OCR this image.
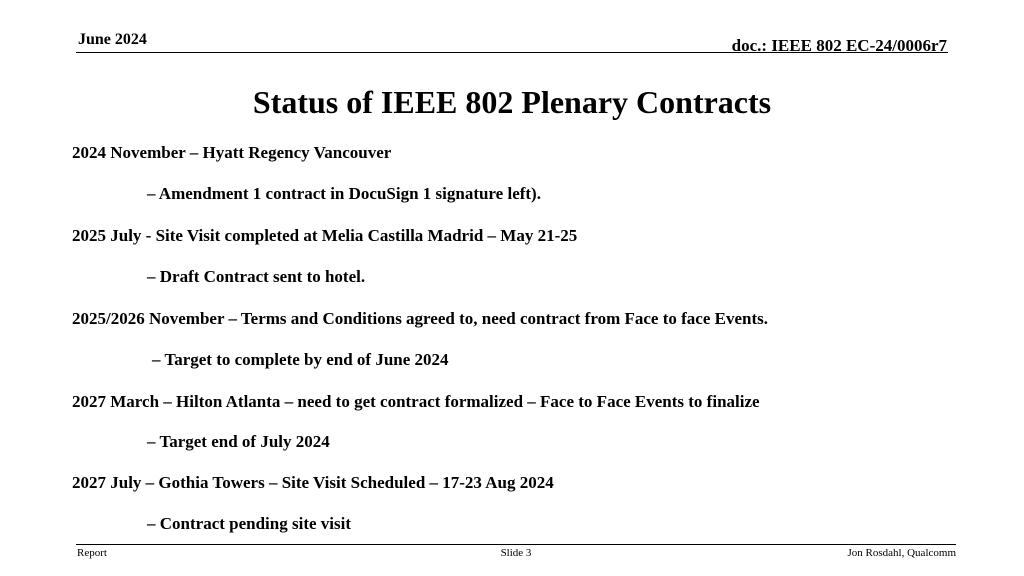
June 2024	doc.: IEEE 802 EC-24/0006r7
Status of IEEE 802 Plenary Contracts
2024 November – Hyatt Regency Vancouver
– Amendment 1 contract in DocuSign 1 signature left).
2025 July - Site Visit completed at Melia Castilla Madrid – May 21-25
– Draft Contract sent to hotel.
2025/2026 November – Terms and Conditions agreed to, need contract from Face to face Events.
– Target to complete by end of June 2024
2027 March – Hilton Atlanta – need to get contract formalized – Face to Face Events to finalize
– Target end of July 2024
2027 July – Gothia Towers – Site Visit Scheduled – 17-23 Aug 2024
– Contract pending site visit
Report	Slide 3	Jon Rosdahl, Qualcomm
